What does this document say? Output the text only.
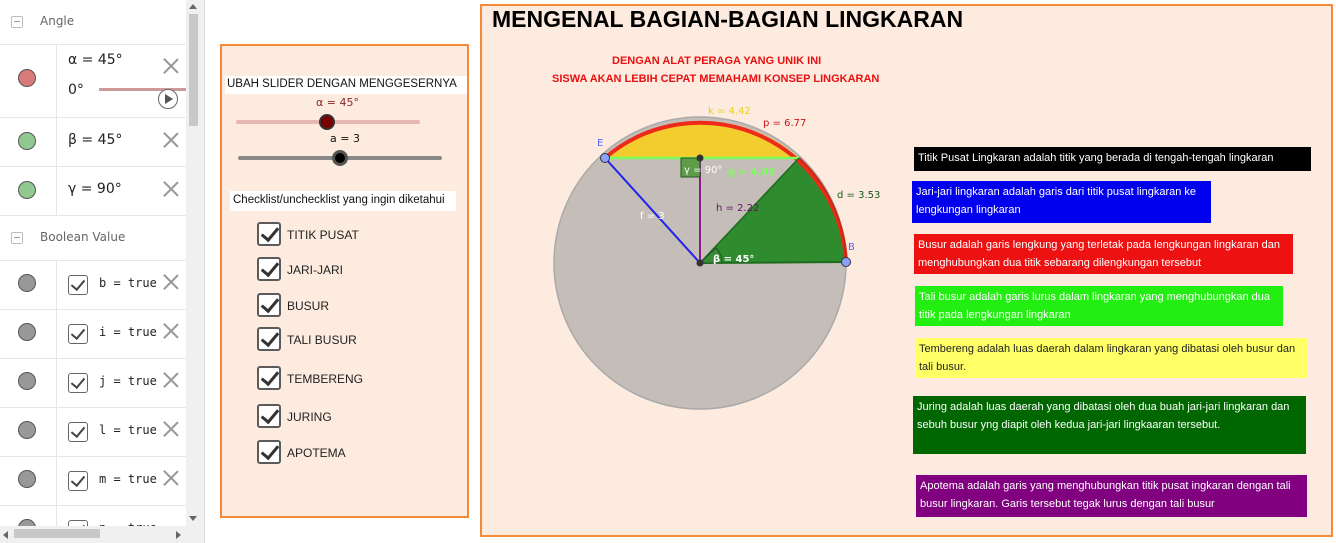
Angle
α = 45°
0°
β = 45°
γ = 90°
Boolean Value
b = true
i = true
j = true
l = true
m = true
UBAH SLIDER DENGAN MENGGESERNYA
α = 45°
a = 3
Checklist/unchecklist yang ingin diketahui
TITIK PUSAT
JARI-JARI
BUSUR
TALI BUSUR
TEMBERENG
JURING
APOTEMA
MENGENAL BAGIAN-BAGIAN LINGKARAN
DENGAN ALAT PERAGA YANG UNIK INI
SISWA AKAN LEBIH CEPAT MEMAHAMI KONSEP LINGKARAN
k = 4.42
p = 6.77
d = 3.53
g = 4.03
h = 2.22
f = 3
γ = 90°
β = 45°
E
B
Titik Pusat Lingkaran adalah titik yang berada di tengah-tengah lingkaran
Jari-jari lingkaran adalah garis dari titik pusat lingkaran ke lengkungan lingkaran
Busur adalah garis lengkung yang terletak pada lengkungan lingkaran dan menghubungkan dua titik sebarang dilengkungan tersebut
Tali busur adalah garis lurus dalam lingkaran yang menghubungkan dua titik pada lengkungan lingkaran
Tembereng adalah luas daerah dalam lingkaran yang dibatasi oleh busur dan tali busur.
Juring adalah luas daerah yang dibatasi oleh dua buah jari-jari lingkaran dan sebuh busur yng diapit oleh kedua jari-jari lingkaaran tersebut.
Apotema adalah garis yang menghubungkan titik pusat ingkaran dengan tali busur lingkaran. Garis tersebut tegak lurus dengan tali busur
